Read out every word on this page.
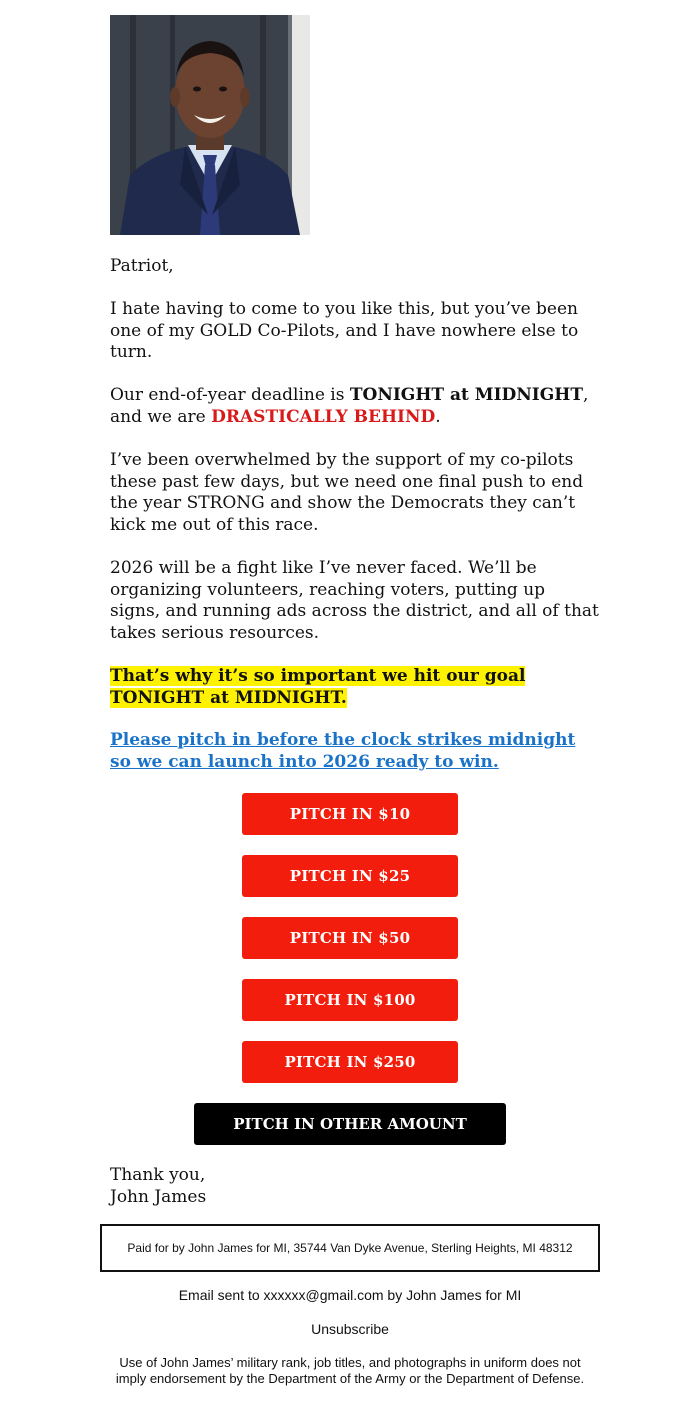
Patriot,
I hate having to come to you like this, but you’ve been one of my GOLD Co-Pilots, and I have nowhere else to turn.
Our end-of-year deadline is TONIGHT at MIDNIGHT, and we are DRASTICALLY BEHIND.
I’ve been overwhelmed by the support of my co-pilots these past few days, but we need one final push to end the year STRONG and show the Democrats they can’t kick me out of this race.
2026 will be a fight like I’ve never faced. We’ll be organizing volunteers, reaching voters, putting up signs, and running ads across the district, and all of that takes serious resources.
That’s why it’s so important we hit our goal TONIGHT at MIDNIGHT.
Please pitch in before the clock strikes midnight so we can launch into 2026 ready to win.
PITCH IN $10
PITCH IN $25
PITCH IN $50
PITCH IN $100
PITCH IN $250
PITCH IN OTHER AMOUNT
Thank you,
John James
Paid for by John James for MI, 35744 Van Dyke Avenue, Sterling Heights, MI 48312
Email sent to xxxxxx@gmail.com by John James for MI
Unsubscribe
Use of John James’ military rank, job titles, and photographs in uniform does not imply endorsement by the Department of the Army or the Department of Defense.
